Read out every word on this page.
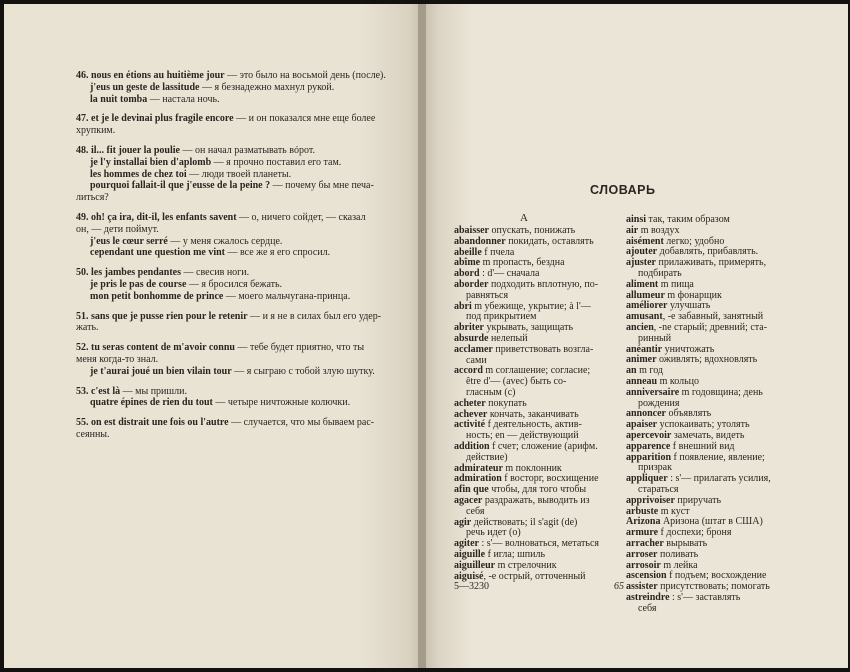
46. nous en étions au huitième jour — это было на восьмой день (после).
j'eus un geste de lassitude — я безнадежно махнул рукой.
la nuit tomba — настала ночь.
47. et je le devinai plus fragile encore — и он показался мне еще более
хрупким.
48. il... fit jouer la poulie — он начал разматывать вóрот.
je l'y installai bien d'aplomb — я прочно поставил его там.
les hommes de chez toi — люди твоей планеты.
pourquoi fallait-il que j'eusse de la peine ? — почему бы мне печа-
литься?
49. oh! ça ira, dit-il, les enfants savent — о, ничего сойдет, — сказал
он, — дети поймут.
j'eus le cœur serré — у меня сжалось сердце.
cependant une question me vint — все же я его спросил.
50. les jambes pendantes — свесив ноги.
je pris le pas de course — я бросился бежать.
mon petit bonhomme de prince — моего мальчугана-принца.
51. sans que je pusse rien pour le retenir — и я не в силах был его удер-
жать.
52. tu seras content de m'avoir connu — тебе будет приятно, что ты
меня когда-то знал.
je t'aurai joué un bien vilain tour — я сыграю с тобой злую шутку.
53. c'est là — мы пришли.
quatre épines de rien du tout — четыре ничтожные колючки.
55. on est distrait une fois ou l'autre — случается, что мы бываем рас-
сеянны.
СЛОВАРЬ
A
abaisser опускать, понижать
abandonner покидать, оставлять
abeille f пчела
abîme m пропасть, бездна
abord : d'— сначала
aborder подходить вплотную, по-
равняться
abri m убежище, укрытие; à l'—
под прикрытием
abriter укрывать, защищать
absurde нелепый
acclamer приветствовать возгла-
сами
accord m соглашение; согласие;
être d'— (avec) быть со-
гласным (с)
acheter покупать
achever кончать, заканчивать
activité f деятельность, актив-
ность; en — действующий
addition f счет; сложение (арифм.
действие)
admirateur m поклонник
admiration f восторг, восхищение
afin que чтобы, для того чтобы
agacer раздражать, выводить из
себя
agir действовать; il s'agit (de)
речь идет (о)
agiter : s'— волноваться, метаться
aiguille f игла; шпиль
aiguilleur m стрелочник
aiguisé, -e острый, отточенный
ainsi так, таким образом
air m воздух
aisément легко; удобно
ajouter добавлять, прибавлять.
ajuster прилаживать, примерять,
подбирать
aliment m пища
allumeur m фонарщик
améliorer улучшать
amusant, -e забавный, занятный
ancien, -ne старый; древний; ста-
ринный
anéantir уничтожать
animer оживлять; вдохновлять
an m год
anneau m кольцо
anniversaire m годовщина; день
рождения
annoncer объявлять
apaiser успокаивать; утолять
apercevoir замечать, видеть
apparence f внешний вид
apparition f появление, явление;
призрак
appliquer : s'— прилагать усилия,
стараться
apprivoiser приручать
arbuste m куст
Arizona Аризона (штат в США)
armure f доспехи; броня
arracher вырывать
arroser поливать
arrosoir m лейка
ascension f подъем; восхождение
assister присутствовать; помогать
astreindre : s'— заставлять
себя
5—3230	65
